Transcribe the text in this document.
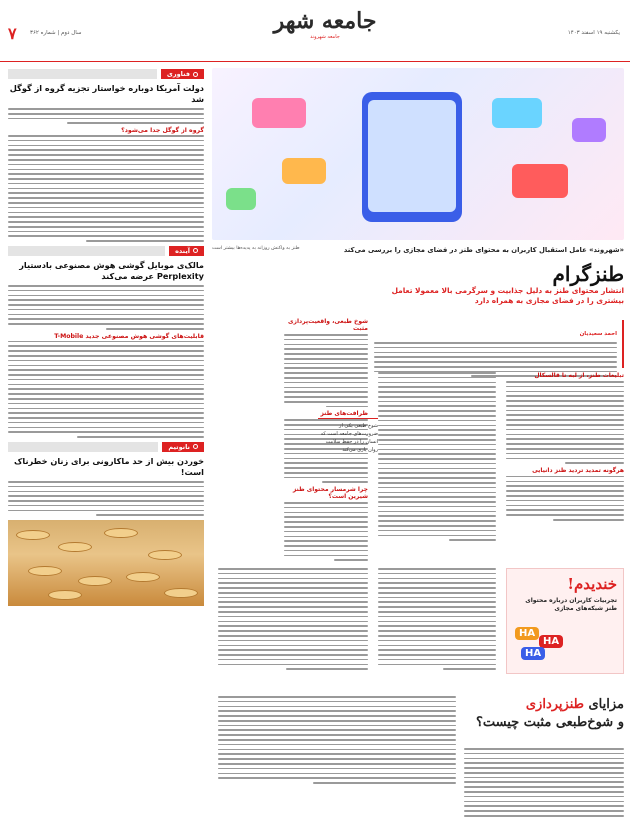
یکشنبه ۱۹ اسفند ۱۴۰۳
جامعه شهر
جامعه شهروند
سال دوم | شماره ۳۶۲
۷
فناوری
دولت آمریکا دوباره خواستار تجزیه گروه از گوگل شد
گروه از گوگل جدا می‌شود؟
آینده
مالک‌ی موبایل‌ گوشی هوش مصنوعی باد‌ستیار Perplexity عرضه می‌کند
قابلیت‌های گوشی هوش مصنوعی جدید T-Mobile
نانوتیم
خوردن بیش از حد ماکارونی برای زنان خطرناک است!
طنز به واکنش روزانه به پدیده‌ها بیشتر است	«شهروند» عامل استقبال کاربران به محتوای طنز در فضای مجازی را بررسی می‌کند
طنزگرام
انتشار محتوای طنز به دلیل جذابیت و سرگرمی بالا معمولا تعامل بیشتری را در فضای مجازی به همراه دارد
احمد سعیدیان
تبلیغات طنز، از لبه تا قالسکال
هرگونه تمدید تردید ظنز دانیایی
شوخ طبعی، واقعیت‌پردازی مثبت
ظرافت‌های طنز
چرا شرمسار محتوای ظنز شیرین است؟
شوخ طبعی یکی از ضرورت‌های جامعه است که انسان را در حفظ سلامت روان یاری می‌کند
خندیدم!
تجربیات کاربران درباره محتوای طنز شبکه‌های مجازی
HA
HA
HA
مزایای طنزپردازی
و شوخ‌طبعی مثبت چیست؟
